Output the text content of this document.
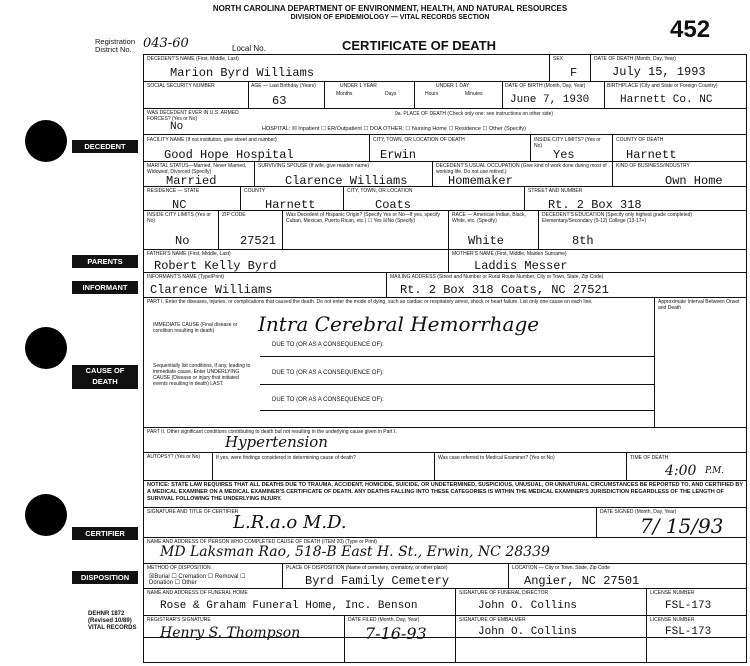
NORTH CAROLINA DEPARTMENT OF ENVIRONMENT, HEALTH, AND NATURAL RESOURCES
DIVISION OF EPIDEMIOLOGY — VITAL RECORDS SECTION	452
Registration District No. 043-60	Local No.	CERTIFICATE OF DEATH
DECEDENT
PARENTS
INFORMANT
CAUSE OF
DEATH
CERTIFIER
DISPOSITION
DEHNR 1872
(Revised 10/89)
VITAL RECORDS
DECEDENT'S NAME (First, Middle, Last)
Marion Byrd Williams
SEX
F
DATE OF DEATH (Month, Day, Year)
July 15, 1993
SOCIAL SECURITY NUMBER	AGE — Last Birthday (Years)
63
UNDER 1 YEAR
Months	Days
UNDER 1 DAY
Hours	Minutes
DATE OF BIRTH (Month, Day, Year)
June 7, 1930
BIRTHPLACE (City and State or Foreign Country)
Harnett Co. NC
WAS DECEDENT EVER IN U.S. ARMED FORCES? (Yes or No)
No
9a. PLACE OF DEATH (Check only one: see instructions on other side)
HOSPITAL: ☒ Inpatient ☐ ER/Outpatient ☐ DOA OTHER: ☐ Nursing Home ☐ Residence ☐ Other (Specify)
FACILITY NAME (If not institution, give street and number)
Good Hope Hospital
CITY, TOWN, OR LOCATION OF DEATH
Erwin
INSIDE CITY LIMITS? (Yes or No)
Yes
COUNTY OF DEATH
Harnett
MARITAL STATUS—Married, Never Married, Widowed, Divorced (Specify)
Married
SURVIVING SPOUSE (If wife, give maiden name)
Clarence Williams
DECEDENT'S USUAL OCCUPATION (Give kind of work done during most of working life. Do not use retired.)
Homemaker
KIND OF BUSINESS/INDUSTRY
Own Home
RESIDENCE — STATE
NC
COUNTY
Harnett
CITY, TOWN, OR LOCATION
Coats
STREET AND NUMBER
Rt. 2 Box 318
INSIDE CITY LIMITS (Yes or No)
No
ZIP CODE
27521
Was Decedent of Hispanic Origin? (Specify Yes or No—If yes, specify Cuban, Mexican, Puerto Rican, etc.) ☐ Yes ☒No (Specify)
RACE — American Indian, Black, White, etc. (Specify)
White
DECEDENT'S EDUCATION (Specify only highest grade completed) Elementary/Secondary (0-12) College (13-17+)
8th
FATHER'S NAME (First, Middle, Last)
Robert Kelly Byrd
MOTHER'S NAME (First, Middle, Maiden Surname)
Laddis Messer
INFORMANT'S NAME (Type/Print)
Clarence Williams
MAILING ADDRESS (Street and Number or Rural Route Number, City or Town, State, Zip Code)
Rt. 2 Box 318 Coats, NC 27521
PART I. Enter the diseases, injuries, or complications that caused the death. Do not enter the mode of dying, such as cardiac or respiratory arrest, shock or heart failure. List only one cause on each line.	Approximate Interval Between Onset and Death
IMMEDIATE CAUSE (Final disease or condition resulting in death)	Intra Cerebral Hemorrhage
DUE TO (OR AS A CONSEQUENCE OF):
Sequentially list conditions, if any, leading to immediate cause. Enter UNDERLYING CAUSE (Disease or injury that initiated events resulting in death) LAST.
DUE TO (OR AS A CONSEQUENCE OF):
DUE TO (OR AS A CONSEQUENCE OF):
PART II. Other significant conditions contributing to death but not resulting in the underlying cause given in Part I.
Hypertension
AUTOPSY? (Yes or No)	If yes, were findings considered in determining cause of death?	Was case referred to Medical Examiner? (Yes or No)	TIME OF DEATH
4:00 P.M.
NOTICE: STATE LAW REQUIRES THAT ALL DEATHS DUE TO TRAUMA, ACCIDENT, HOMICIDE, SUICIDE, OR UNDETERMINED, SUSPICIOUS, UNUSUAL, OR UNNATURAL CIRCUMSTANCES BE REPORTED TO, AND CERTIFIED BY A MEDICAL EXAMINER ON A MEDICAL EXAMINER'S CERTIFICATE OF DEATH. ANY DEATHS FALLING INTO THESE CATEGORIES IS WITHIN THE MEDICAL EXAMINER'S JURISDICTION REGARDLESS OF THE LENGTH OF SURVIVAL FOLLOWING THE UNDERLYING INJURY.
SIGNATURE AND TITLE OF CERTIFIER
L.R.a.o M.D.	DATE SIGNED (Month, Day, Year)
7/ 15/93
NAME AND ADDRESS OF PERSON WHO COMPLETED CAUSE OF DEATH (ITEM 20) (Type or Print)
MD Laksman Rao, 518-B East H. St., Erwin, NC 28339
METHOD OF DISPOSITION
☒Burial ☐ Cremation ☐ Removal ☐ Donation ☐ Other
PLACE OF DISPOSITION (Name of cemetery, crematory, or other place)
Byrd Family Cemetery
LOCATION — City or Town, State, Zip Code
Angier, NC 27501
NAME AND ADDRESS OF FUNERAL HOME
Rose & Graham Funeral Home, Inc. Benson
SIGNATURE OF FUNERAL DIRECTOR
John O. Collins
LICENSE NUMBER
FSL-173
REGISTRAR'S SIGNATURE
Henry S. Thompson
DATE FILED (Month, Day, Year)
7-16-93
SIGNATURE OF EMBALMER
John O. Collins
LICENSE NUMBER
FSL-173
